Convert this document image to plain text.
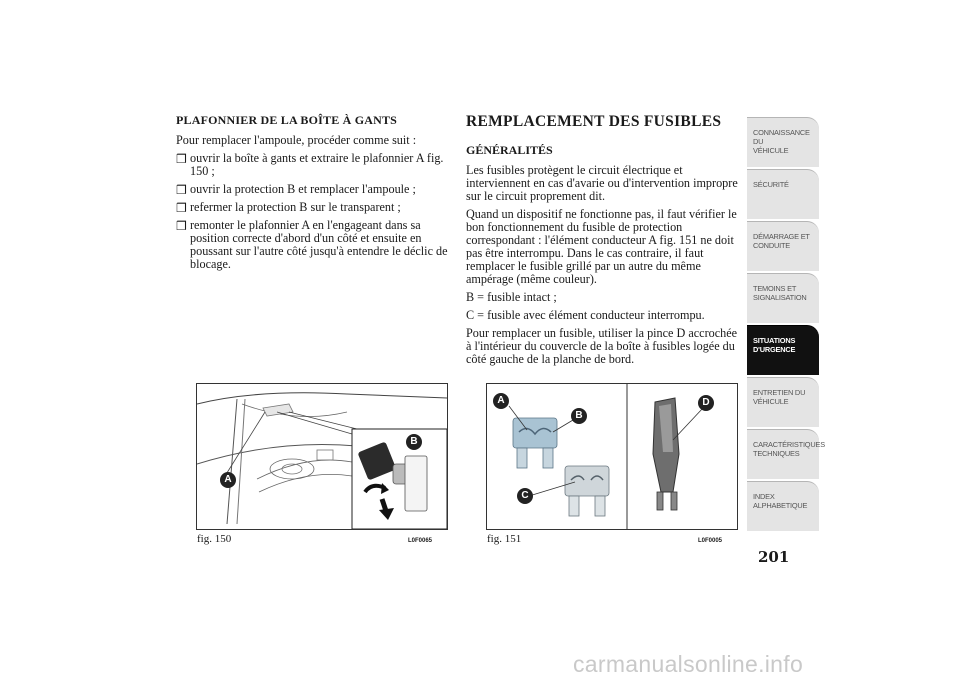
PLAFONNIER DE LA BOÎTE À GANTS
Pour remplacer l'ampoule, procéder comme suit :
❒ ouvrir la boîte à gants et extraire le plafonnier A fig. 150 ;
❒ ouvrir la protection B et remplacer l'ampoule ;
❒ refermer la protection B sur le transparent ;
❒ remonter le plafonnier A en l'engageant dans sa position correcte d'abord d'un côté et ensuite en poussant sur l'autre côté jusqu'à entendre le déclic de blocage.
REMPLACEMENT DES FUSIBLES
GÉNÉRALITÉS
Les fusibles protègent le circuit électrique et interviennent en cas d'avarie ou d'intervention impropre sur le circuit proprement dit.
Quand un dispositif ne fonctionne pas, il faut vérifier le bon fonctionnement du fusible de protection correspondant : l'élément conducteur A fig. 151 ne doit pas être interrompu. Dans le cas contraire, il faut remplacer le fusible grillé par un autre du même ampérage (même couleur).
B = fusible intact ;
C = fusible avec élément conducteur interrompu.
Pour remplacer un fusible, utiliser la pince D accrochée à l'intérieur du couvercle de la boîte à fusibles logée du côté gauche de la planche de bord.
A
B
fig. 150	L0F0065
A
B
C
D
fig. 151	L0F0005
CONNAISSANCE DU
VÉHICULE
SÉCURITÉ
DÉMARRAGE ET
CONDUITE
TEMOINS ET
SIGNALISATION
SITUATIONS
D'URGENCE
ENTRETIEN DU
VÉHICULE
CARACTÉRISTIQUES
TECHNIQUES
INDEX
ALPHABETIQUE
201
carmanualsonline.info
